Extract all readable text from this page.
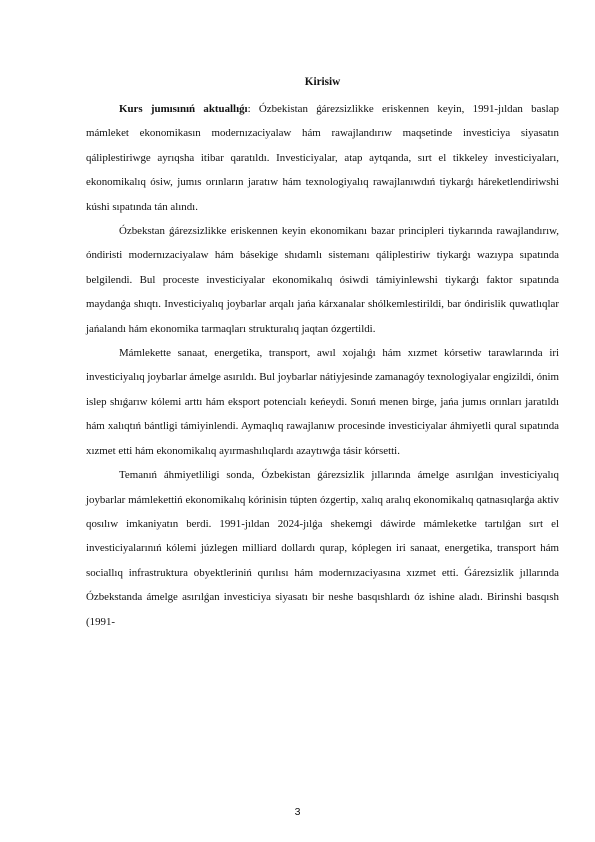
Kirisiw

Kurs jumısınıń aktuallıǵı: Ózbekistan ǵárezsizlikke eriskennen keyin, 1991-jıldan baslap mámleket ekonomikasın modernızaciyalaw hám rawajlandırıw maqsetinde investiciya siyasatın qáliplestiriwge ayrıqsha itibar qaratıldı. Investiciyalar, atap aytqanda, sırt el tikkeley investiciyaları, ekonomikalıq ósiw, jumıs orınların jaratıw hám texnologiyalıq rawajlanıwdıń tiykarǵı háreketlendiriwshi kúshi sıpatında tán alındı.

Ózbekstan ǵárezsizlikke eriskennen keyin ekonomikanı bazar principleri tiykarında rawajlandırıw, óndiristi modernızaciyalaw hám básekige shıdamlı sistemanı qáliplestiriw tiykarǵı wazıypa sıpatında belgilendi. Bul proceste investiciyalar ekonomikalıq ósiwdi támiyinlewshi tiykarǵı faktor sıpatında maydanǵa shıqtı. Investiciyalıq joybarlar arqalı jańa kárxanalar shólkemlestirildi, bar óndirislik quwatlıqlar jańalandı hám ekonomika tarmaqları strukturalıq jaqtan ózgertildi.

Mámlekette sanaat, energetika, transport, awıl xojalıǵı hám xızmet kórsetiw tarawlarında iri investiciyalıq joybarlar ámelge asırıldı. Bul joybarlar nátiyjesinde zamanagóy texnologiyalar engizildi, ónim islep shıǵarıw kólemi arttı hám eksport potencialı keńeydi. Sonıń menen birge, jańa jumıs orınları jaratıldı hám xalıqtıń bántligi támiyinlendi. Aymaqlıq rawajlanıw procesinde investiciyalar áhmiyetli qural sıpatında xızmet etti hám ekonomikalıq ayırmashılıqlardı azaytıwǵa tásir kórsetti.

Temanıń áhmiyetliligi sonda, Ózbekistan ǵárezsizlik jıllarında ámelge asırılǵan investiciyalıq joybarlar mámlekettiń ekonomikalıq kórinisin túpten ózgertip, xalıq aralıq ekonomikalıq qatnasıqlarǵa aktiv qosılıw imkaniyatın berdi. 1991-jıldan 2024-jılǵa shekemgi dáwirde mámleketke tartılǵan sırt el investiciyalarınıń kólemi júzlegen milliard dollardı qurap, kóplegen iri sanaat, energetika, transport hám sociallıq infrastruktura obyektleriniń qurılısı hám modernızaciyasına xızmet etti. Ǵárezsizlik jıllarında Ózbekstanda ámelge asırılǵan investiciya siyasatı bir neshe basqıshlardı óz ishine aladı. Birinshi basqısh (1991-

3
